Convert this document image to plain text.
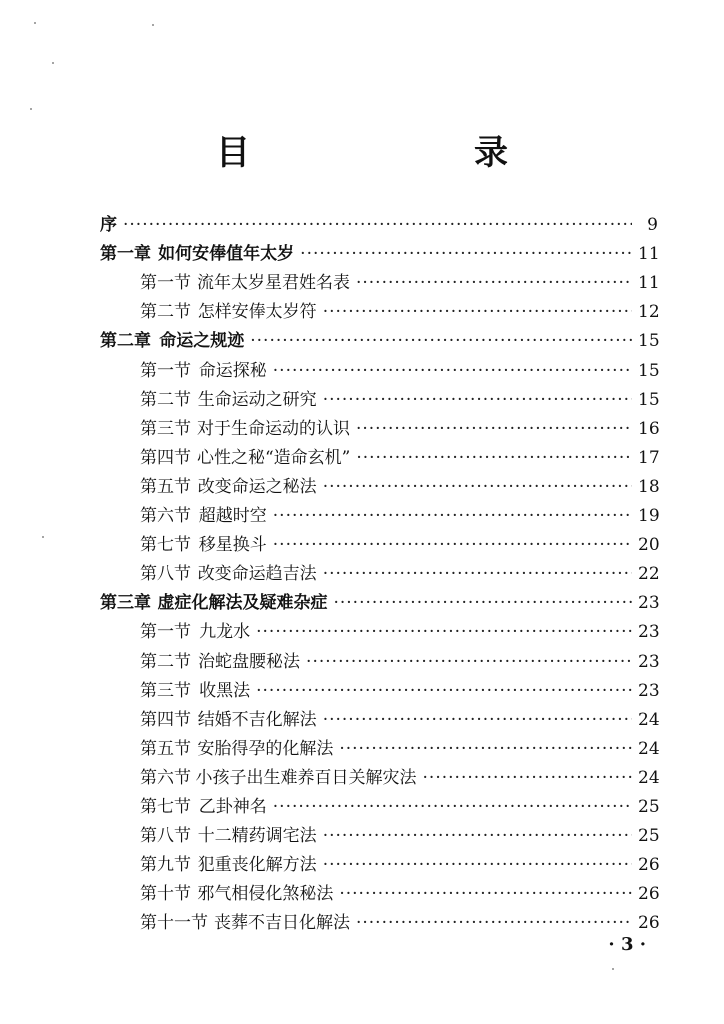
目　　录
序 ·····	9
第一章 如何安俸值年太岁 ·····	11
第一节 流年太岁星君姓名表 ·····	11
第二节 怎样安俸太岁符 ·····	12
第二章 命运之规迹 ·····	15
第一节 命运探秘 ·····	15
第二节 生命运动之研究 ·····	15
第三节 对于生命运动的认识 ·····	16
第四节 心性之秘“造命玄机” ·····	17
第五节 改变命运之秘法 ·····	18
第六节 超越时空 ·····	19
第七节 移星换斗 ·····	20
第八节 改变命运趋吉法 ·····	22
第三章 虚症化解法及疑难杂症 ·····	23
第一节 九龙水 ·····	23
第二节 治蛇盘腰秘法 ·····	23
第三节 收黑法 ·····	23
第四节 结婚不吉化解法 ·····	24
第五节 安胎得孕的化解法 ·····	24
第六节 小孩子出生难养百日关解灾法 ·····	24
第七节 乙卦神名 ·····	25
第八节 十二精药调宅法 ·····	25
第九节 犯重丧化解方法 ·····	26
第十节 邪气相侵化煞秘法 ·····	26
第十一节 丧葬不吉日化解法 ·····	26
· 3 ·
